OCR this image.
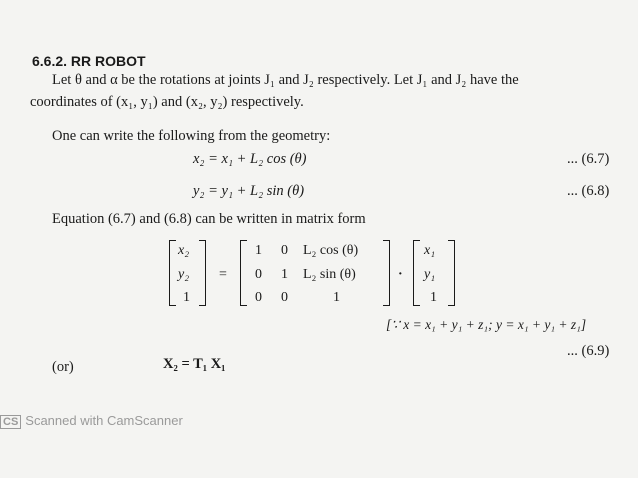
6.6.2. RR ROBOT
Let θ and α be the rotations at joints J₁ and J₂ respectively. Let J₁ and J₂ have the
coordinates of (x₁, y₁) and (x₂, y₂) respectively.
One can write the following from the geometry:
x₂ = x₁ + L₂ cos (θ)	... (6.7)
y₂ = y₁ + L₂ sin (θ)	... (6.8)
Equation (6.7) and (6.8) can be written in matrix form
x₂
y₂
1
=
1 0 L₂ cos (θ)
0 1 L₂ sin (θ)
0 0	1
·
x₁
y₁
1
[∵ x = x₁ + y₁ + z₁; y = x₁ + y₁ + z₁]
... (6.9)
(or)	X₂ = T₁ X₁
CS Scanned with CamScanner
